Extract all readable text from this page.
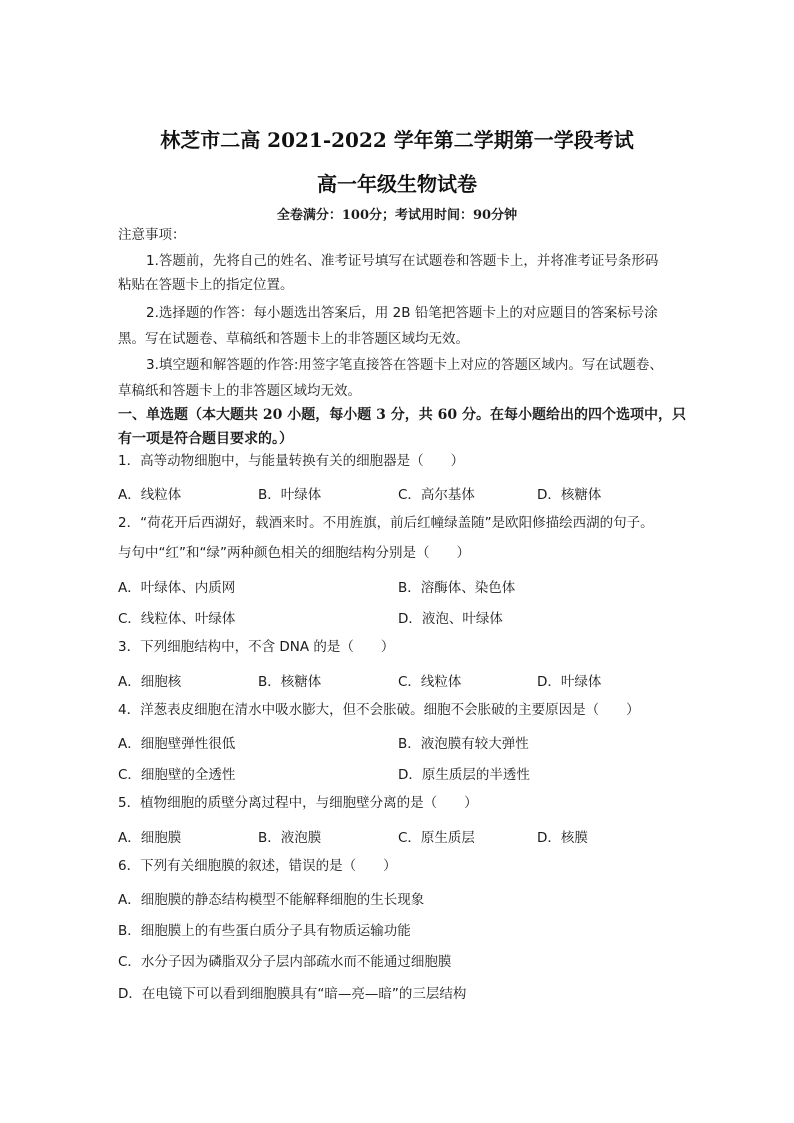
林芝市二高 2021-2022 学年第二学期第一学段考试
高一年级生物试卷
全卷满分：100分；考试用时间：90分钟
注意事项：
1.答题前，先将自己的姓名、准考证号填写在试题卷和答题卡上，并将准考证号条形码
粘贴在答题卡上的指定位置。
2.选择题的作答：每小题选出答案后，用 2B 铅笔把答题卡上的对应题目的答案标号涂
黑。写在试题卷、草稿纸和答题卡上的非答题区域均无效。
3.填空题和解答题的作答:用签字笔直接答在答题卡上对应的答题区域内。写在试题卷、
草稿纸和答题卡上的非答题区域均无效。
一、单选题（本大题共 20 小题，每小题 3 分，共 60 分。在每小题给出的四个选项中，只
有一项是符合题目要求的。）
1．高等动物细胞中，与能量转换有关的细胞器是（　　）
A．线粒体	B．叶绿体	C．高尔基体	D．核糖体
2．“荷花开后西湖好，载酒来时。不用旌旗，前后红幢绿盖随”是欧阳修描绘西湖的句子。
与句中“红”和“绿”两种颜色相关的细胞结构分别是（　　）
A．叶绿体、内质网	B．溶酶体、染色体
C．线粒体、叶绿体	D．液泡、叶绿体
3．下列细胞结构中，不含 DNA 的是（　　）
A．细胞核	B．核糖体	C．线粒体	D．叶绿体
4．洋葱表皮细胞在清水中吸水膨大，但不会胀破。细胞不会胀破的主要原因是（　　）
A．细胞壁弹性很低	B．液泡膜有较大弹性
C．细胞壁的全透性	D．原生质层的半透性
5．植物细胞的质壁分离过程中，与细胞壁分离的是（　　）
A．细胞膜	B．液泡膜	C．原生质层	D．核膜
6．下列有关细胞膜的叙述，错误的是（　　）
A．细胞膜的静态结构模型不能解释细胞的生长现象
B．细胞膜上的有些蛋白质分子具有物质运输功能
C．水分子因为磷脂双分子层内部疏水而不能通过细胞膜
D．在电镜下可以看到细胞膜具有“暗—亮—暗”的三层结构
